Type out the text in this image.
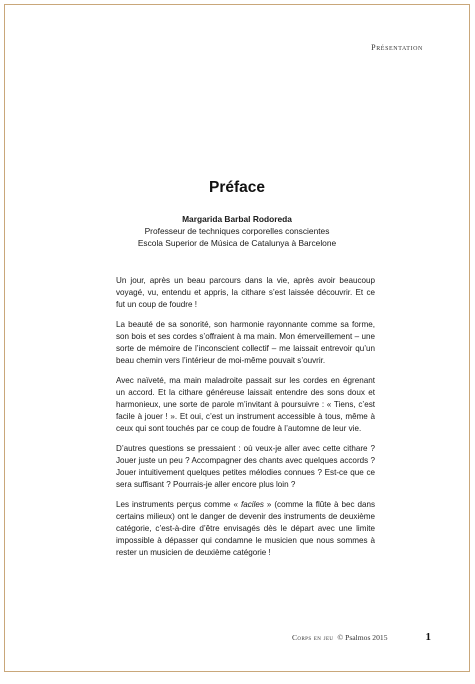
Présentation
Préface
Margarida Barbal Rodoreda
Professeur de techniques corporelles conscientes
Escola Superior de Música de Catalunya à Barcelone

Un jour, après un beau parcours dans la vie, après avoir beaucoup voyagé, vu, entendu et appris, la cithare s’est laissée découvrir. Et ce fut un coup de foudre !

La beauté de sa sonorité, son harmonie rayonnante comme sa forme, son bois et ses cordes s’offraient à ma main. Mon émerveillement – une sorte de mémoire de l’inconscient collectif – me laissait entrevoir qu’un beau chemin vers l’intérieur de moi-même pouvait s’ouvrir.

Avec naïveté, ma main maladroite passait sur les cordes en égrenant un accord. Et la cithare généreuse laissait entendre des sons doux et harmonieux, une sorte de parole m’invitant à poursuivre : « Tiens, c’est facile à jouer ! ». Et oui, c’est un instrument accessible à tous, même à ceux qui sont touchés par ce coup de foudre à l’automne de leur vie.

D’autres questions se pressaient : où veux-je aller avec cette cithare ? Jouer juste un peu ? Accompagner des chants avec quelques accords ? Jouer intuitivement quelques petites mélodies connues ? Est-ce que ce sera suffisant ? Pourrais-je aller encore plus loin ?

Les instruments perçus comme « faciles » (comme la flûte à bec dans certains milieux) ont le danger de devenir des instruments de deuxième catégorie, c’est-à-dire d’être envisagés dès le départ avec une limite impossible à dépasser qui condamne le musicien que nous sommes à rester un musicien de deuxième catégorie !

Corps en jeu © Psalmos 2015	1
